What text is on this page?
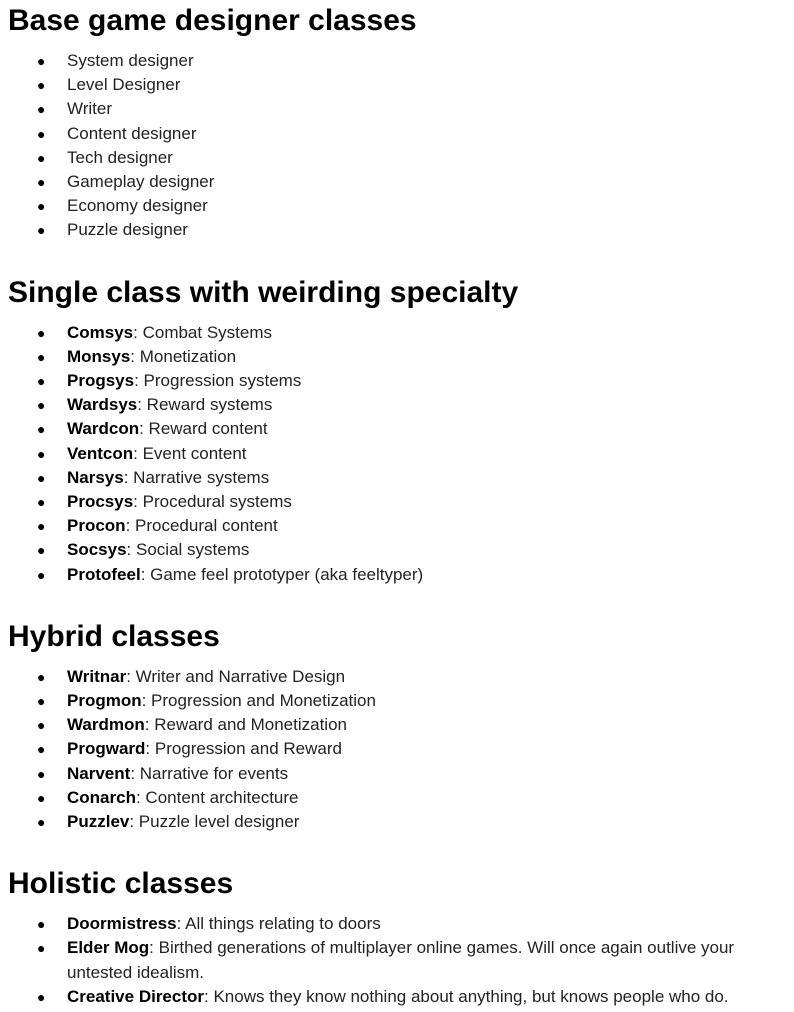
Base game designer classes
● System designer
● Level Designer
● Writer
● Content designer
● Tech designer
● Gameplay designer
● Economy designer
● Puzzle designer
Single class with weirding specialty
● Comsys: Combat Systems
● Monsys: Monetization
● Progsys: Progression systems
● Wardsys: Reward systems
● Wardcon: Reward content
● Ventcon: Event content
● Narsys: Narrative systems
● Procsys: Procedural systems
● Procon: Procedural content
● Socsys: Social systems
● Protofeel: Game feel prototyper (aka feeltyper)
Hybrid classes
● Writnar: Writer and Narrative Design
● Progmon: Progression and Monetization
● Wardmon: Reward and Monetization
● Progward: Progression and Reward
● Narvent: Narrative for events
● Conarch: Content architecture
● Puzzlev: Puzzle level designer
Holistic classes
● Doormistress: All things relating to doors
● Elder Mog: Birthed generations of multiplayer online games. Will once again outlive your untested idealism.
● Creative Director: Knows they know nothing about anything, but knows people who do.
